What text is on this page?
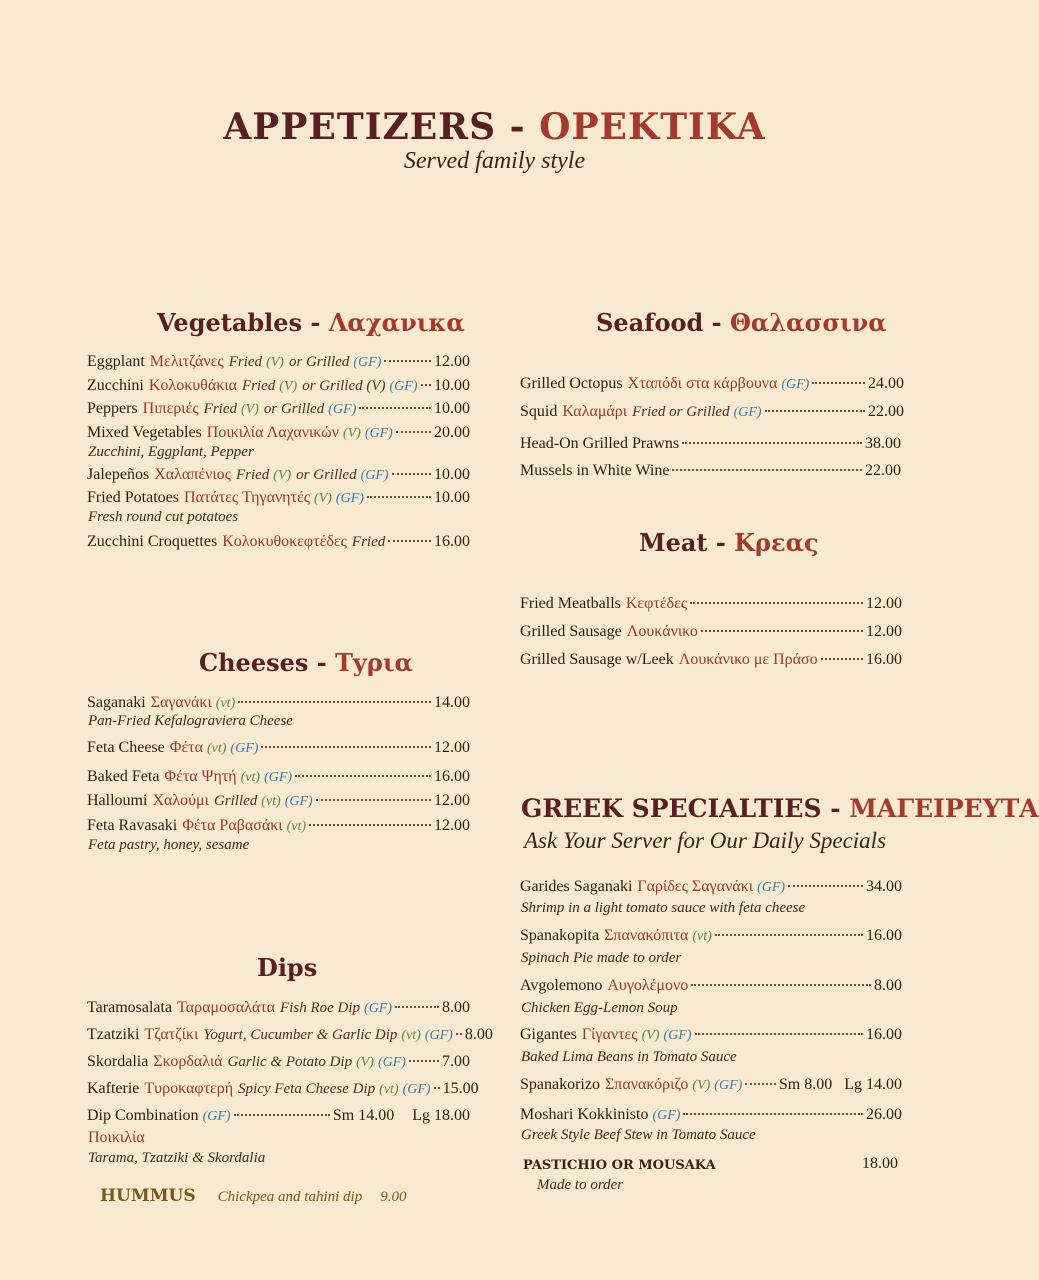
APPETIZERS - OPEKTIKA
Served family style
Vegetables - Λαχανικα
Eggplant Μελιτζάνες Fried (V) or Grilled (GF)	12.00
Zucchini Κολοκυθάκια Fried (V) or Grilled (V) (GF) 10.00
Peppers Πιπεριές Fried (V) or Grilled (GF)	10.00
Mixed Vegetables Ποικιλία Λαχανικών (V) (GF)	20.00
Zucchini, Eggplant, Pepper
Jalepeños Χαλαπένιος Fried (V) or Grilled (GF)	10.00
Fried Potatoes Πατάτες Τηγανητές (V) (GF)	10.00
Fresh round cut potatoes
Zucchini Croquettes Κολοκυθοκεφτέδες Fried	16.00
Cheeses - Τyρια
Saganaki Σαγανάκι (vt)	14.00
Pan-Fried Kefalograviera Cheese
Feta Cheese Φέτα (vt) (GF)	12.00
Baked Feta Φέτα Ψητή (vt) (GF)	16.00
Halloumi Χαλούμι Grilled (vt) (GF)	12.00
Feta Ravasaki Φέτα Ραβασάκι (vt)	12.00
Feta pastry, honey, sesame
Dips
Taramosalata Ταραμοσαλάτα Fish Roe Dip (GF)	8.00
Tzatziki Τζατζίκι Yogurt, Cucumber & Garlic Dip (vt) (GF) 8.00
Skordalia Σκορδαλιά Garlic & Potato Dip (V) (GF) 7.00
Kafterie Τυροκαφτερή Spicy Feta Cheese Dip (vt) (GF) 15.00
Dip Combination (GF)	Sm 14.00 Lg 18.00
Ποικιλία
Tarama, Tzatziki & Skordalia
HUMMUS Chickpea and tahini dip 9.00
Seafood - Θαλασσινα
Grilled Octopus Χταπόδι στα κάρβουνα (GF)	24.00
Squid Καλαμάρι Fried or Grilled (GF)	22.00
Head-On Grilled Prawns	38.00
Mussels in White Wine	22.00
Meat - Κρεας
Fried Meatballs Κεφτέδες	12.00
Grilled Sausage Λουκάνικο	12.00
Grilled Sausage w/Leek Λουκάνικο με Πράσο	16.00
GREEK SPECIALTIES - ΜΑΓΕΙΡΕΥΤΑ
Ask Your Server for Our Daily Specials
Garides Saganaki Γαρίδες Σαγανάκι (GF)	34.00
Shrimp in a light tomato sauce with feta cheese
Spanakopita Σπανακόπιτα (vt)	16.00
Spinach Pie made to order
Avgolemono Αυγολέμονο	8.00
Chicken Egg-Lemon Soup
Gigantes Γίγαντες (V) (GF)	16.00
Baked Lima Beans in Tomato Sauce
Spanakorizo Σπανακόριζο (V) (GF) Sm 8.00 Lg 14.00
Moshari Kokkinisto (GF)	26.00
Greek Style Beef Stew in Tomato Sauce
PASTICHIO OR MOUSAKA	18.00
Made to order
